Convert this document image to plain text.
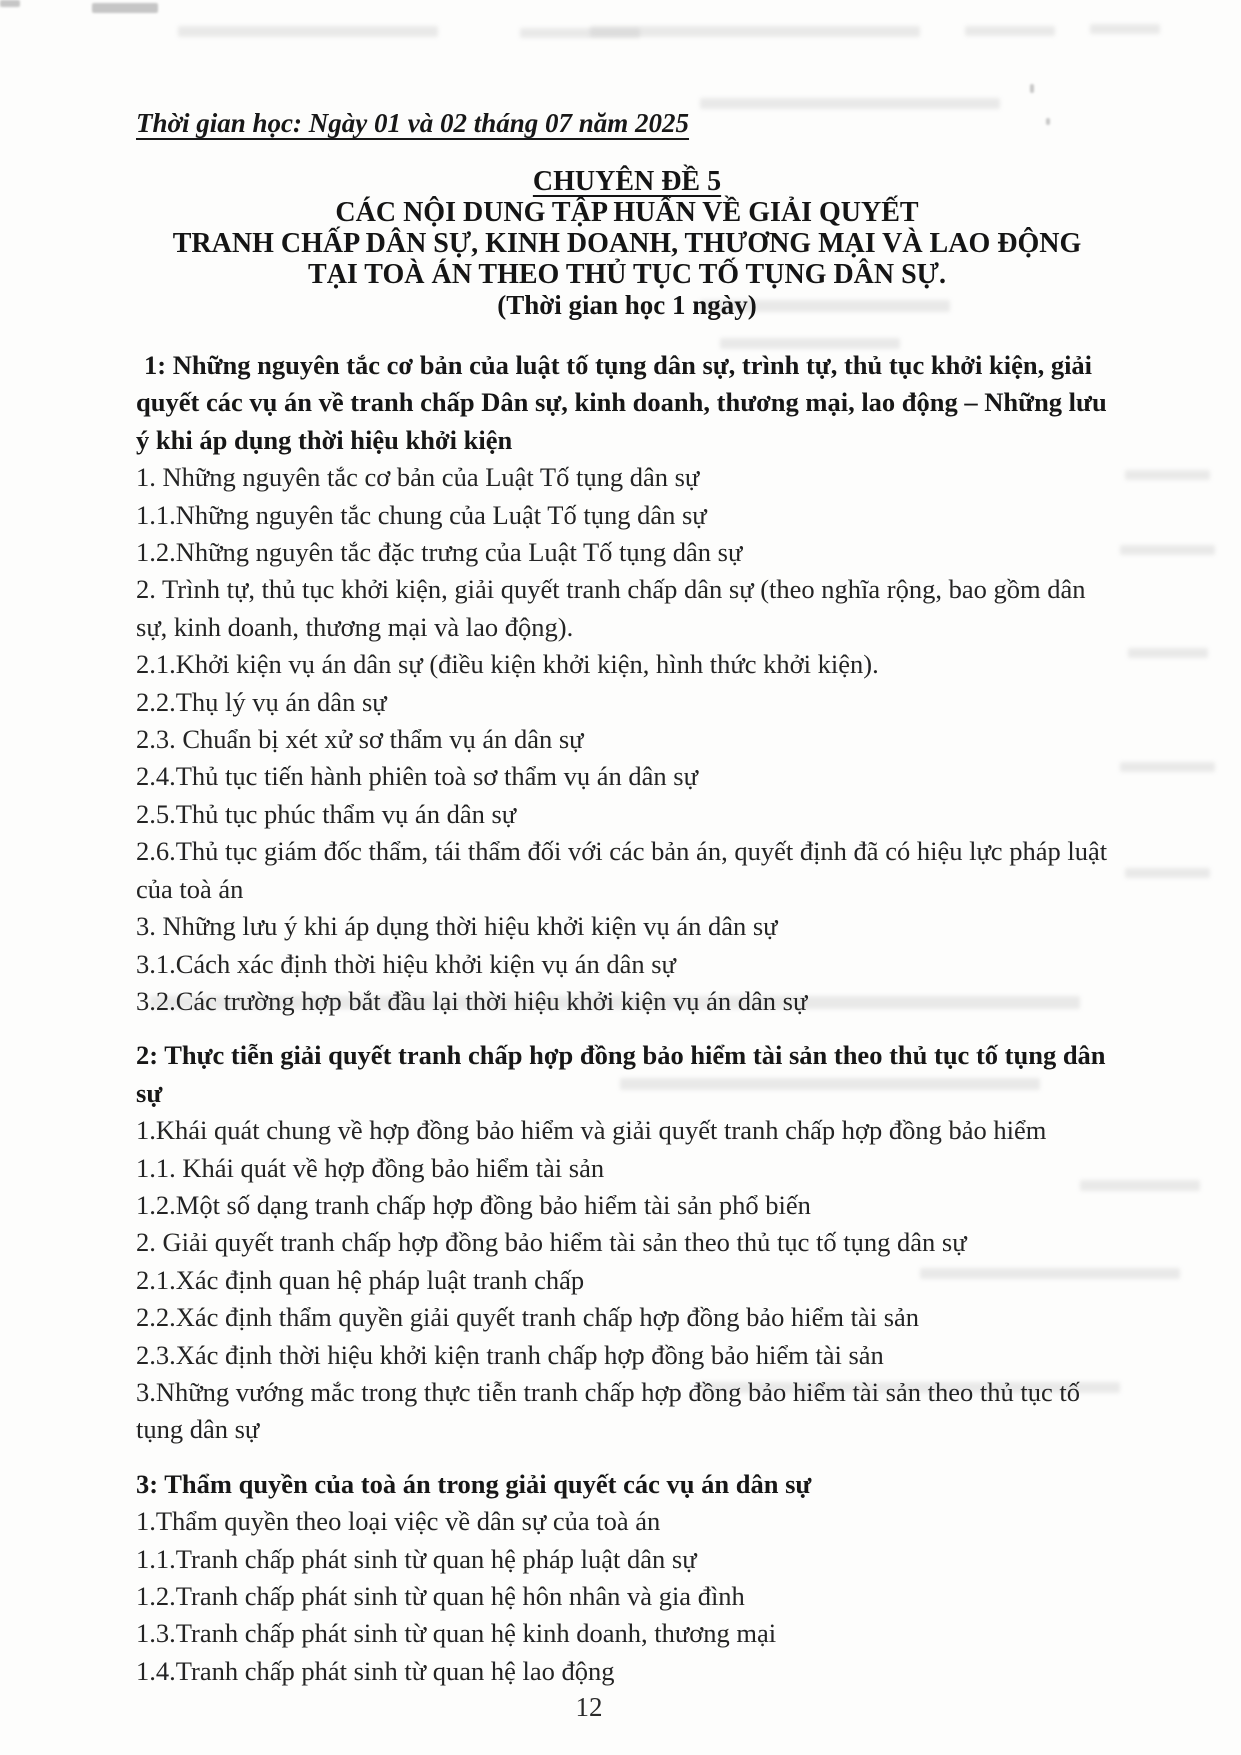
Thời gian học: Ngày 01 và 02 tháng 07 năm 2025

CHUYÊN ĐỀ 5

CÁC NỘI DUNG TẬP HUẤN VỀ GIẢI QUYẾT

TRANH CHẤP DÂN SỰ, KINH DOANH, THƯƠNG MẠI VÀ LAO ĐỘNG

TẠI TOÀ ÁN THEO THỦ TỤC TỐ TỤNG DÂN SỰ.

(Thời gian học 1 ngày)

1: Những nguyên tắc cơ bản của luật tố tụng dân sự, trình tự, thủ tục khởi kiện, giải quyết các vụ án về tranh chấp Dân sự, kinh doanh, thương mại, lao động – Những lưu ý khi áp dụng thời hiệu khởi kiện

1. Những nguyên tắc cơ bản của Luật Tố tụng dân sự

1.1.Những nguyên tắc chung của Luật Tố tụng dân sự

1.2.Những nguyên tắc đặc trưng của Luật Tố tụng dân sự

2. Trình tự, thủ tục khởi kiện, giải quyết tranh chấp dân sự (theo nghĩa rộng, bao gồm dân sự, kinh doanh, thương mại và lao động).

2.1.Khởi kiện vụ án dân sự (điều kiện khởi kiện, hình thức khởi kiện).

2.2.Thụ lý vụ án dân sự

2.3. Chuẩn bị xét xử sơ thẩm vụ án dân sự

2.4.Thủ tục tiến hành phiên toà sơ thẩm vụ án dân sự

2.5.Thủ tục phúc thẩm vụ án dân sự

2.6.Thủ tục giám đốc thẩm, tái thẩm đối với các bản án, quyết định đã có hiệu lực pháp luật của toà án

3. Những lưu ý khi áp dụng thời hiệu khởi kiện vụ án dân sự

3.1.Cách xác định thời hiệu khởi kiện vụ án dân sự

3.2.Các trường hợp bắt đầu lại thời hiệu khởi kiện vụ án dân sự

2: Thực tiễn giải quyết tranh chấp hợp đồng bảo hiểm tài sản theo thủ tục tố tụng dân sự

1.Khái quát chung về hợp đồng bảo hiểm và giải quyết tranh chấp hợp đồng bảo hiểm

1.1. Khái quát về hợp đồng bảo hiểm tài sản

1.2.Một số dạng tranh chấp hợp đồng bảo hiểm tài sản phổ biến

2. Giải quyết tranh chấp hợp đồng bảo hiểm tài sản theo thủ tục tố tụng dân sự

2.1.Xác định quan hệ pháp luật tranh chấp

2.2.Xác định thẩm quyền giải quyết tranh chấp hợp đồng bảo hiểm tài sản

2.3.Xác định thời hiệu khởi kiện tranh chấp hợp đồng bảo hiểm tài sản

3.Những vướng mắc trong thực tiễn tranh chấp hợp đồng bảo hiểm tài sản theo thủ tục tố tụng dân sự

3: Thẩm quyền của toà án trong giải quyết các vụ án dân sự

1.Thẩm quyền theo loại việc về dân sự của toà án

1.1.Tranh chấp phát sinh từ quan hệ pháp luật dân sự

1.2.Tranh chấp phát sinh từ quan hệ hôn nhân và gia đình

1.3.Tranh chấp phát sinh từ quan hệ kinh doanh, thương mại

1.4.Tranh chấp phát sinh từ quan hệ lao động

12
